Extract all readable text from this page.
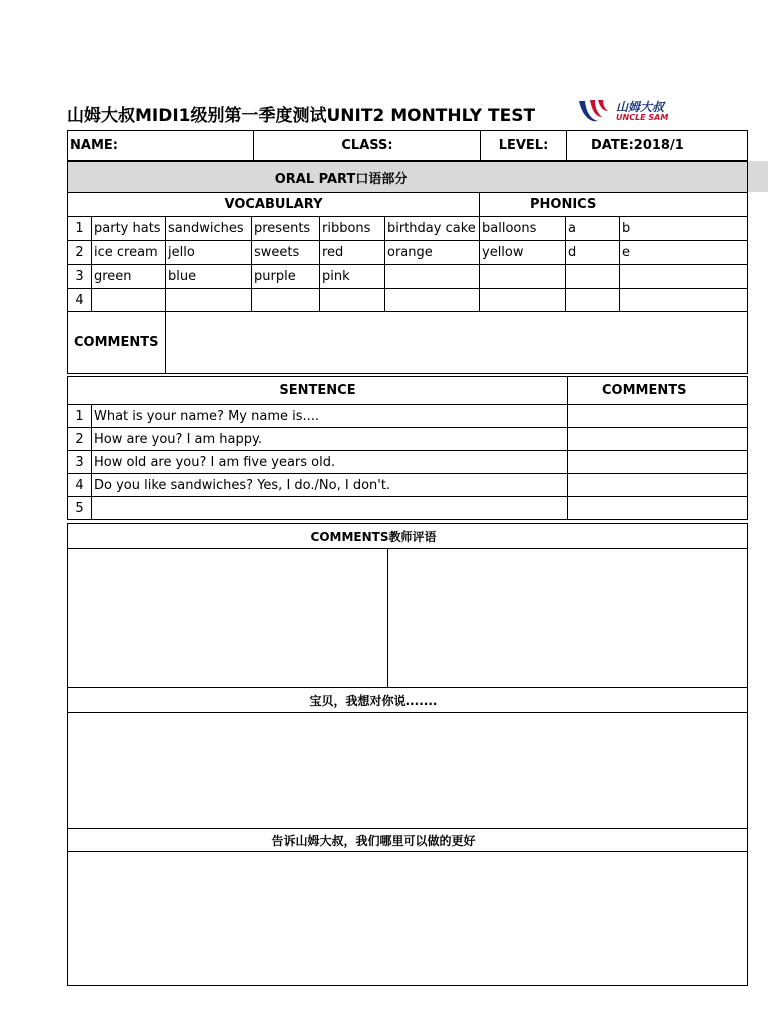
山姆大叔MIDI1级别第一季度测试UNIT2 MONTHLY TEST	山姆大叔
UNCLE SAM
NAME:	CLASS:	LEVEL:	DATE:2018/1
ORAL PART口语部分								
VOCABULARY						PHONICS		
1	party hats	sandwiches	presents	ribbons	birthday cake	balloons	a	b
2	ice cream	jello	sweets	red	orange	yellow	d	e
3	green	blue	purple	pink				
4								
COMMENTS								
SENTENCE		COMMENTS
1	What is your name? My name is....	
2	How are you? I am happy.	
3	How old are you? I am five years old.	
4	Do you like sandwiches? Yes, I do./No, I don't.	
5		
COMMENTS教师评语

宝贝，我想对你说.......

告诉山姆大叔，我们哪里可以做的更好
